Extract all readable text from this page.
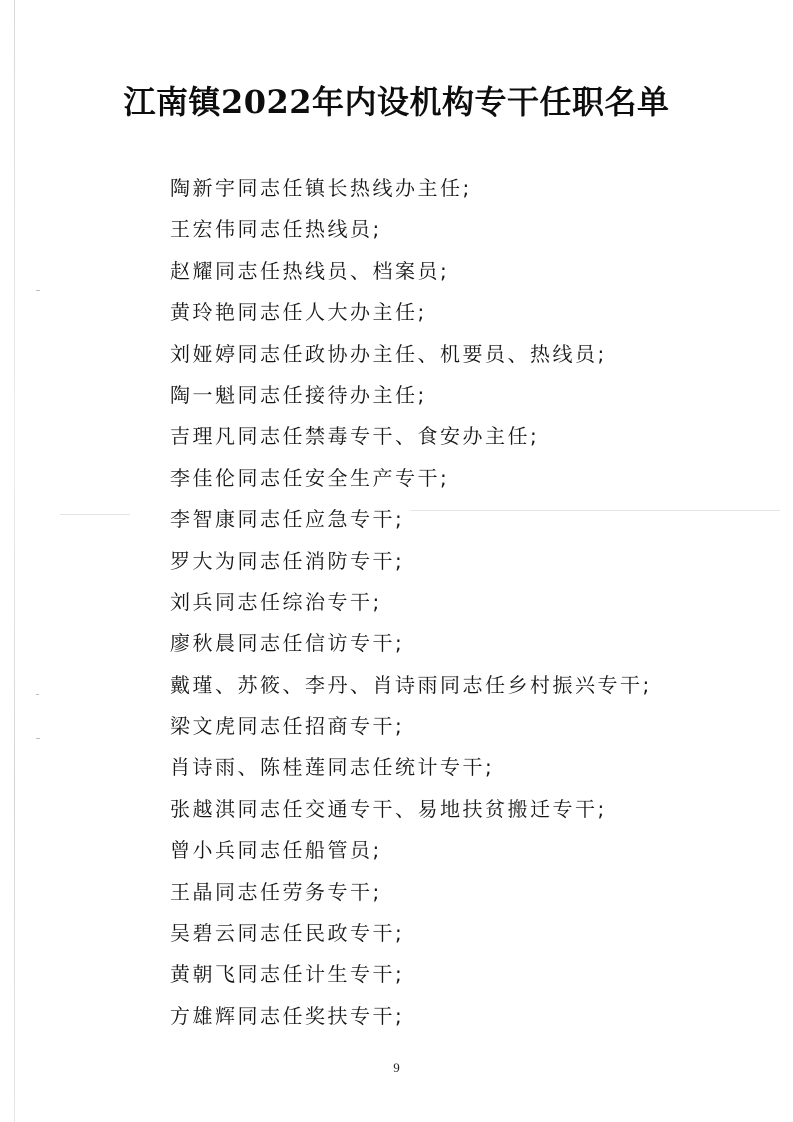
江南镇2022年内设机构专干任职名单
陶新宇同志任镇长热线办主任;
王宏伟同志任热线员;
赵耀同志任热线员、档案员;
黄玲艳同志任人大办主任;
刘娅婷同志任政协办主任、机要员、热线员;
陶一魁同志任接待办主任;
吉理凡同志任禁毒专干、食安办主任;
李佳伦同志任安全生产专干;
李智康同志任应急专干;
罗大为同志任消防专干;
刘兵同志任综治专干;
廖秋晨同志任信访专干;
戴瑾、苏筱、李丹、肖诗雨同志任乡村振兴专干;
梁文虎同志任招商专干;
肖诗雨、陈桂莲同志任统计专干;
张越淇同志任交通专干、易地扶贫搬迁专干;
曾小兵同志任船管员;
王晶同志任劳务专干;
吴碧云同志任民政专干;
黄朝飞同志任计生专干;
方雄辉同志任奖扶专干;
9
